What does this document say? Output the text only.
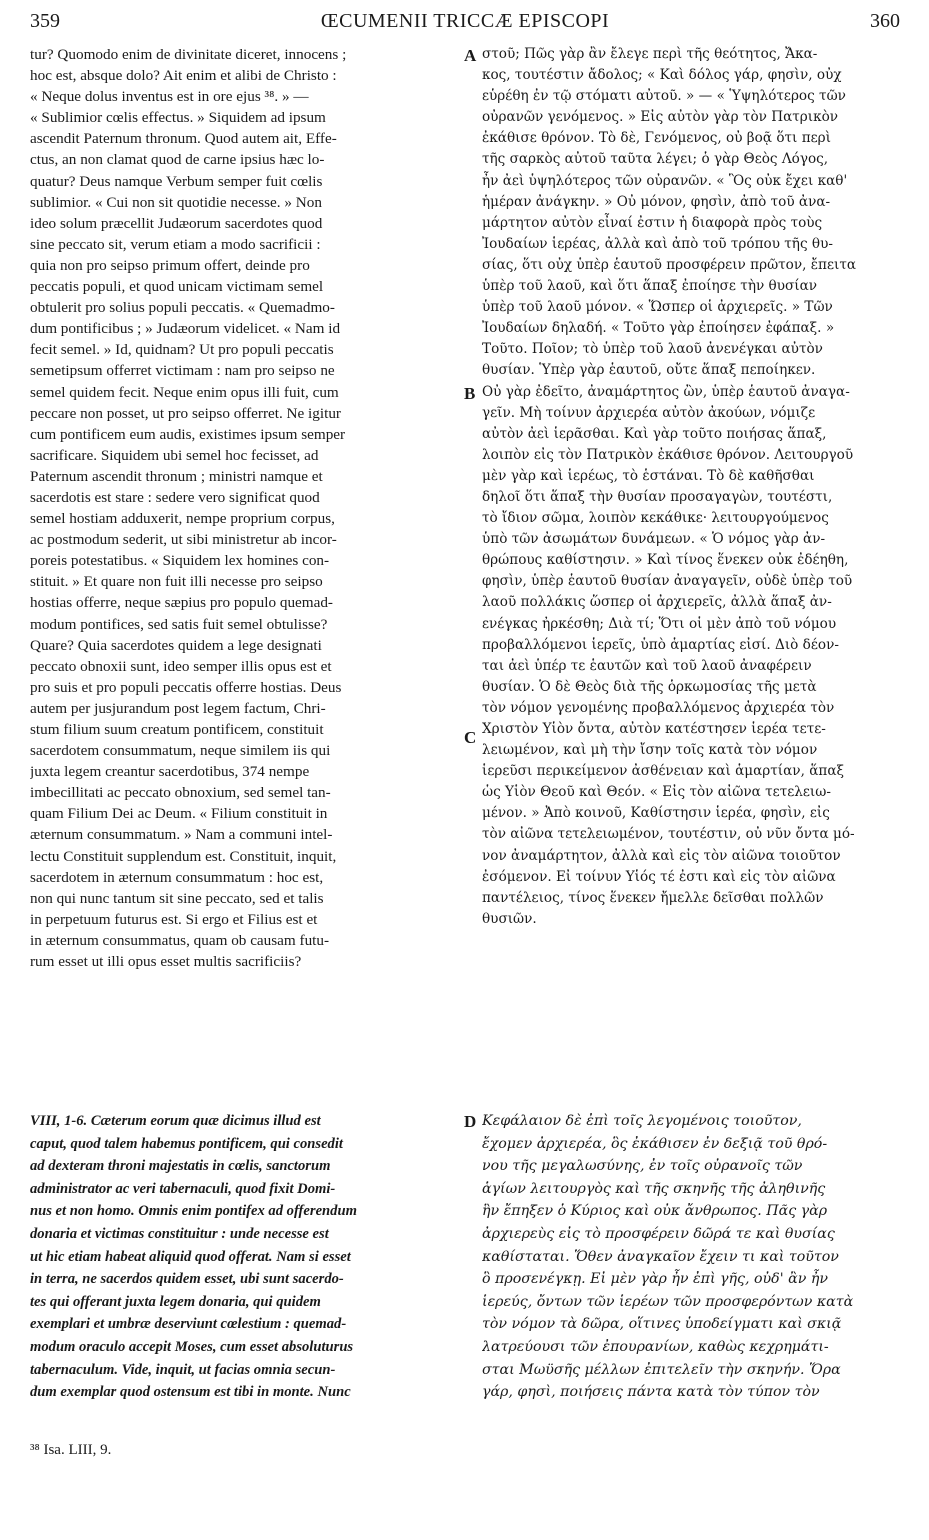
359	ŒCUMENII TRICCÆ EPISCOPI	360
tur? Quomodo enim de divinitate diceret, innocens ;
hoc est, absque dolo? Ait enim et alibi de Christo :
« Neque dolus inventus est in ore ejus ³⁸. » —
« Sublimior cœlis effectus. » Siquidem ad ipsum
ascendit Paternum thronum. Quod autem ait, Effe-
ctus, an non clamat quod de carne ipsius hæc lo-
quatur? Deus namque Verbum semper fuit cœlis
sublimior. « Cui non sit quotidie necesse. » Non
ideo solum præcellit Judæorum sacerdotes quod
sine peccato sit, verum etiam a modo sacrificii :
quia non pro seipso primum offert, deinde pro
peccatis populi, et quod unicam victimam semel
obtulerit pro solius populi peccatis. « Quemadmo-
dum pontificibus ; » Judæorum videlicet. « Nam id
fecit semel. » Id, quidnam? Ut pro populi peccatis
semetipsum offerret victimam : nam pro seipso ne
semel quidem fecit. Neque enim opus illi fuit, cum
peccare non posset, ut pro seipso offerret. Ne igitur
cum pontificem eum audis, existimes ipsum semper
sacrificare. Siquidem ubi semel hoc fecisset, ad
Paternum ascendit thronum ; ministri namque et
sacerdotis est stare : sedere vero significat quod
semel hostiam adduxerit, nempe proprium corpus,
ac postmodum sederit, ut sibi ministretur ab incor-
poreis potestatibus. « Siquidem lex homines con-
stituit. » Et quare non fuit illi necesse pro seipso
hostias offerre, neque sæpius pro populo quemad-
modum pontifices, sed satis fuit semel obtulisse?
Quare? Quia sacerdotes quidem a lege designati
peccato obnoxii sunt, ideo semper illis opus est et
pro suis et pro populi peccatis offerre hostias. Deus
autem per jusjurandum post legem factum, Chri-
stum filium suum creatum pontificem, constituit
sacerdotem consummatum, neque similem iis qui
juxta legem creantur sacerdotibus, 374 nempe
imbecillitati ac peccato obnoxium, sed semel tan-
quam Filium Dei ac Deum. « Filium constituit in
æternum consummatum. » Nam a communi intel-
lectu Constituit supplendum est. Constituit, inquit,
sacerdotem in æternum consummatum : hoc est,
non qui nunc tantum sit sine peccato, sed et talis
in perpetuum futurus est. Si ergo et Filius est et
in æternum consummatus, quam ob causam futu-
rum esset ut illi opus esset multis sacrificiis?
στοῦ; Πῶς γὰρ ἂν ἔλεγε περὶ τῆς θεότητος, Ἄκα-
κος, τουτέστιν ἄδολος; « Καὶ δόλος γάρ, φησὶν, οὐχ
εὑρέθη ἐν τῷ στόματι αὐτοῦ. » — « Ὑψηλότερος τῶν
οὐρανῶν γενόμενος. » Εἰς αὐτὸν γὰρ τὸν Πατρικὸν
ἐκάθισε θρόνον. Τὸ δὲ, Γενόμενος, οὐ βοᾷ ὅτι περὶ
τῆς σαρκὸς αὐτοῦ ταῦτα λέγει; ὁ γὰρ Θεὸς Λόγος,
ἦν ἀεὶ ὑψηλότερος τῶν οὐρανῶν. « Ὃς οὐκ ἔχει καθ'
ἡμέραν ἀνάγκην. » Οὐ μόνον, φησὶν, ἀπὸ τοῦ ἀνα-
μάρτητον αὐτὸν εἶναί ἐστιν ἡ διαφορὰ πρὸς τοὺς
Ἰουδαίων ἱερέας, ἀλλὰ καὶ ἀπὸ τοῦ τρόπου τῆς θυ-
σίας, ὅτι οὐχ ὑπὲρ ἑαυτοῦ προσφέρειν πρῶτον, ἔπειτα
ὑπὲρ τοῦ λαοῦ, καὶ ὅτι ἅπαξ ἐποίησε τὴν θυσίαν
ὑπὲρ τοῦ λαοῦ μόνον. « Ὥσπερ οἱ ἀρχιερεῖς. » Τῶν
Ἰουδαίων δηλαδή. « Τοῦτο γὰρ ἐποίησεν ἐφάπαξ. »
Τοῦτο. Ποῖον; τὸ ὑπὲρ τοῦ λαοῦ ἀνενέγκαι αὐτὸν
θυσίαν. Ὑπὲρ γὰρ ἑαυτοῦ, οὔτε ἅπαξ πεποίηκεν.
Οὐ γὰρ ἐδεῖτο, ἀναμάρτητος ὢν, ὑπὲρ ἑαυτοῦ ἀναγα-
γεῖν. Μὴ τοίνυν ἀρχιερέα αὐτὸν ἀκούων, νόμιζε
αὐτὸν ἀεὶ ἱερᾶσθαι. Καὶ γὰρ τοῦτο ποιήσας ἅπαξ,
λοιπὸν εἰς τὸν Πατρικὸν ἐκάθισε θρόνον. Λειτουργοῦ
μὲν γὰρ καὶ ἱερέως, τὸ ἑστάναι. Τὸ δὲ καθῆσθαι
δηλοῖ ὅτι ἅπαξ τὴν θυσίαν προσαγαγὼν, τουτέστι,
τὸ ἴδιον σῶμα, λοιπὸν κεκάθικε· λειτουργούμενος
ὑπὸ τῶν ἀσωμάτων δυνάμεων. « Ὁ νόμος γὰρ ἀν-
θρώπους καθίστησιν. » Καὶ τίνος ἕνεκεν οὐκ ἐδέηθη,
φησὶν, ὑπὲρ ἑαυτοῦ θυσίαν ἀναγαγεῖν, οὐδὲ ὑπὲρ τοῦ
λαοῦ πολλάκις ὥσπερ οἱ ἀρχιερεῖς, ἀλλὰ ἅπαξ ἀν-
ενέγκας ἠρκέσθη; Διὰ τί; Ὅτι οἱ μὲν ἀπὸ τοῦ νόμου
προβαλλόμενοι ἱερεῖς, ὑπὸ ἁμαρτίας εἰσί. Διὸ δέον-
ται ἀεὶ ὑπέρ τε ἑαυτῶν καὶ τοῦ λαοῦ ἀναφέρειν
θυσίαν. Ὁ δὲ Θεὸς διὰ τῆς ὁρκωμοσίας τῆς μετὰ
τὸν νόμον γενομένης προβαλλόμενος ἀρχιερέα τὸν
Χριστὸν Υἱὸν ὄντα, αὐτὸν κατέστησεν ἱερέα τετε-
λειωμένον, καὶ μὴ τὴν ἴσην τοῖς κατὰ τὸν νόμον
ἱερεῦσι περικείμενον ἀσθένειαν καὶ ἁμαρτίαν, ἅπαξ
ὡς Υἱὸν Θεοῦ καὶ Θεόν. « Εἰς τὸν αἰῶνα τετελειω-
μένον. » Ἀπὸ κοινοῦ, Καθίστησιν ἱερέα, φησὶν, εἰς
τὸν αἰῶνα τετελειωμένον, τουτέστιν, οὐ νῦν ὄντα μό-
νον ἀναμάρτητον, ἀλλὰ καὶ εἰς τὸν αἰῶνα τοιοῦτον
ἐσόμενον. Εἰ τοίνυν Υἱός τέ ἐστι καὶ εἰς τὸν αἰῶνα
παντέλειος, τίνος ἕνεκεν ἤμελλε δεῖσθαι πολλῶν
θυσιῶν.
VIII, 1-6. Cæterum eorum quæ dicimus illud est
caput, quod talem habemus pontificem, qui consedit
ad dexteram throni majestatis in cœlis, sanctorum
administrator ac veri tabernaculi, quod fixit Domi-
nus et non homo. Omnis enim pontifex ad offerendum
donaria et victimas constituitur : unde necesse est
ut hic etiam habeat aliquid quod offerat. Nam si esset
in terra, ne sacerdos quidem esset, ubi sunt sacerdo-
tes qui offerant juxta legem donaria, qui quidem
exemplari et umbræ deserviunt cœlestium : quemad-
modum oraculo accepit Moses, cum esset absoluturus
tabernaculum. Vide, inquit, ut facias omnia secun-
dum exemplar quod ostensum est tibi in monte. Nunc
Κεφάλαιον δὲ ἐπὶ τοῖς λεγομένοις τοιοῦτον,
ἔχομεν ἀρχιερέα, ὃς ἐκάθισεν ἐν δεξιᾷ τοῦ θρό-
νου τῆς μεγαλωσύνης, ἐν τοῖς οὐρανοῖς τῶν
ἁγίων λειτουργὸς καὶ τῆς σκηνῆς τῆς ἀληθινῆς
ἣν ἔπηξεν ὁ Κύριος καὶ οὐκ ἄνθρωπος. Πᾶς γὰρ
ἀρχιερεὺς εἰς τὸ προσφέρειν δῶρά τε καὶ θυσίας
καθίσταται. Ὅθεν ἀναγκαῖον ἔχειν τι καὶ τοῦτον
ὃ προσενέγκῃ. Εἰ μὲν γὰρ ἦν ἐπὶ γῆς, οὐδ' ἂν ἦν
ἱερεύς, ὄντων τῶν ἱερέων τῶν προσφερόντων κατὰ
τὸν νόμον τὰ δῶρα, οἵτινες ὑποδείγματι καὶ σκιᾷ
λατρεύουσι τῶν ἐπουρανίων, καθὼς κεχρημάτι-
σται Μωϋσῆς μέλλων ἐπιτελεῖν τὴν σκηνήν. Ὅρα
γάρ, φησὶ, ποιήσεις πάντα κατὰ τὸν τύπον τὸν
A
B
C
D
³⁸ Isa. LIII, 9.
